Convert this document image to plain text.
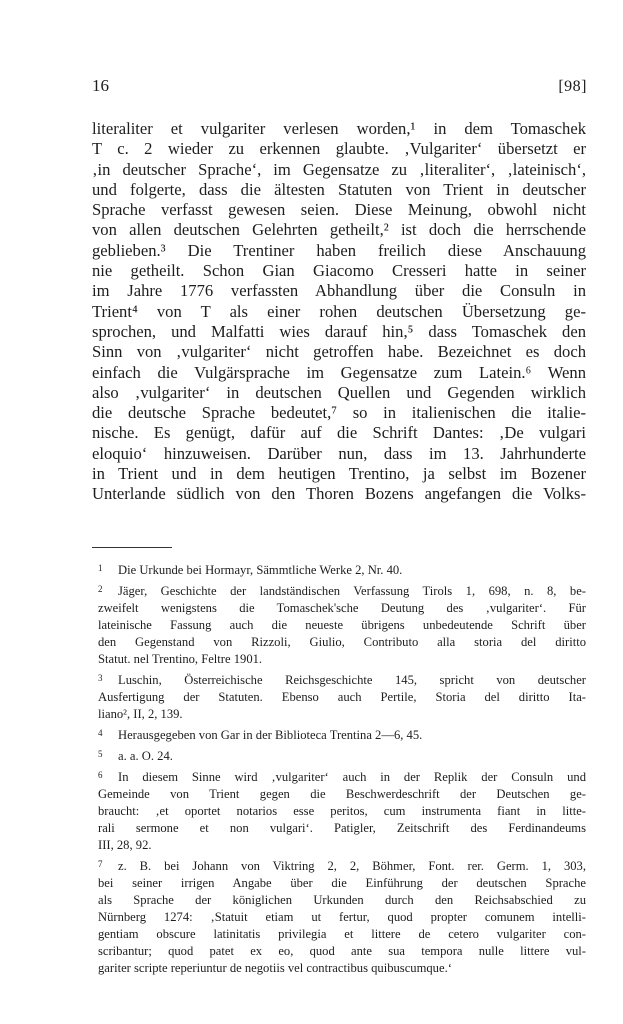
16	[98]
literaliter et vulgariter verlesen worden,¹ in dem Tomaschek
T c. 2 wieder zu erkennen glaubte. ‚Vulgariter‘ übersetzt er
‚in deutscher Sprache‘, im Gegensatze zu ‚literaliter‘, ‚lateinisch‘,
und folgerte, dass die ältesten Statuten von Trient in deutscher
Sprache verfasst gewesen seien. Diese Meinung, obwohl nicht
von allen deutschen Gelehrten getheilt,² ist doch die herrschende
geblieben.³ Die Trentiner haben freilich diese Anschauung
nie getheilt. Schon Gian Giacomo Cresseri hatte in seiner
im Jahre 1776 verfassten Abhandlung über die Consuln in
Trient⁴ von T als einer rohen deutschen Übersetzung ge-
sprochen, und Malfatti wies darauf hin,⁵ dass Tomaschek den
Sinn von ‚vulgariter‘ nicht getroffen habe. Bezeichnet es doch
einfach die Vulgärsprache im Gegensatze zum Latein.⁶ Wenn
also ‚vulgariter‘ in deutschen Quellen und Gegenden wirklich
die deutsche Sprache bedeutet,⁷ so in italienischen die italie-
nische. Es genügt, dafür auf die Schrift Dantes: ‚De vulgari
eloquio‘ hinzuweisen. Darüber nun, dass im 13. Jahrhunderte
in Trient und in dem heutigen Trentino, ja selbst im Bozener
Unterlande südlich von den Thoren Bozens angefangen die Volks-
1 Die Urkunde bei Hormayr, Sämmtliche Werke 2, Nr. 40.
2 Jäger, Geschichte der landständischen Verfassung Tirols 1, 698, n. 8, be-
zweifelt wenigstens die Tomaschek'sche Deutung des ‚vulgariter‘. Für
lateinische Fassung auch die neueste übrigens unbedeutende Schrift über
den Gegenstand von Rizzoli, Giulio, Contributo alla storia del diritto
Statut. nel Trentino, Feltre 1901.
3 Luschin, Österreichische Reichsgeschichte 145, spricht von deutscher
Ausfertigung der Statuten. Ebenso auch Pertile, Storia del diritto Ita-
liano², II, 2, 139.
4 Herausgegeben von Gar in der Biblioteca Trentina 2—6, 45.
5 a. a. O. 24.
6 In diesem Sinne wird ‚vulgariter‘ auch in der Replik der Consuln und
Gemeinde von Trient gegen die Beschwerdeschrift der Deutschen ge-
braucht: ‚et oportet notarios esse peritos, cum instrumenta fiant in litte-
rali sermone et non vulgari‘. Patigler, Zeitschrift des Ferdinandeums
III, 28, 92.
7 z. B. bei Johann von Viktring 2, 2, Böhmer, Font. rer. Germ. 1, 303,
bei seiner irrigen Angabe über die Einführung der deutschen Sprache
als Sprache der königlichen Urkunden durch den Reichsabschied zu
Nürnberg 1274: ‚Statuit etiam ut fertur, quod propter comunem intelli-
gentiam obscure latinitatis privilegia et littere de cetero vulgariter con-
scribantur; quod patet ex eo, quod ante sua tempora nulle littere vul-
gariter scripte reperiuntur de negotiis vel contractibus quibuscumque.‘
